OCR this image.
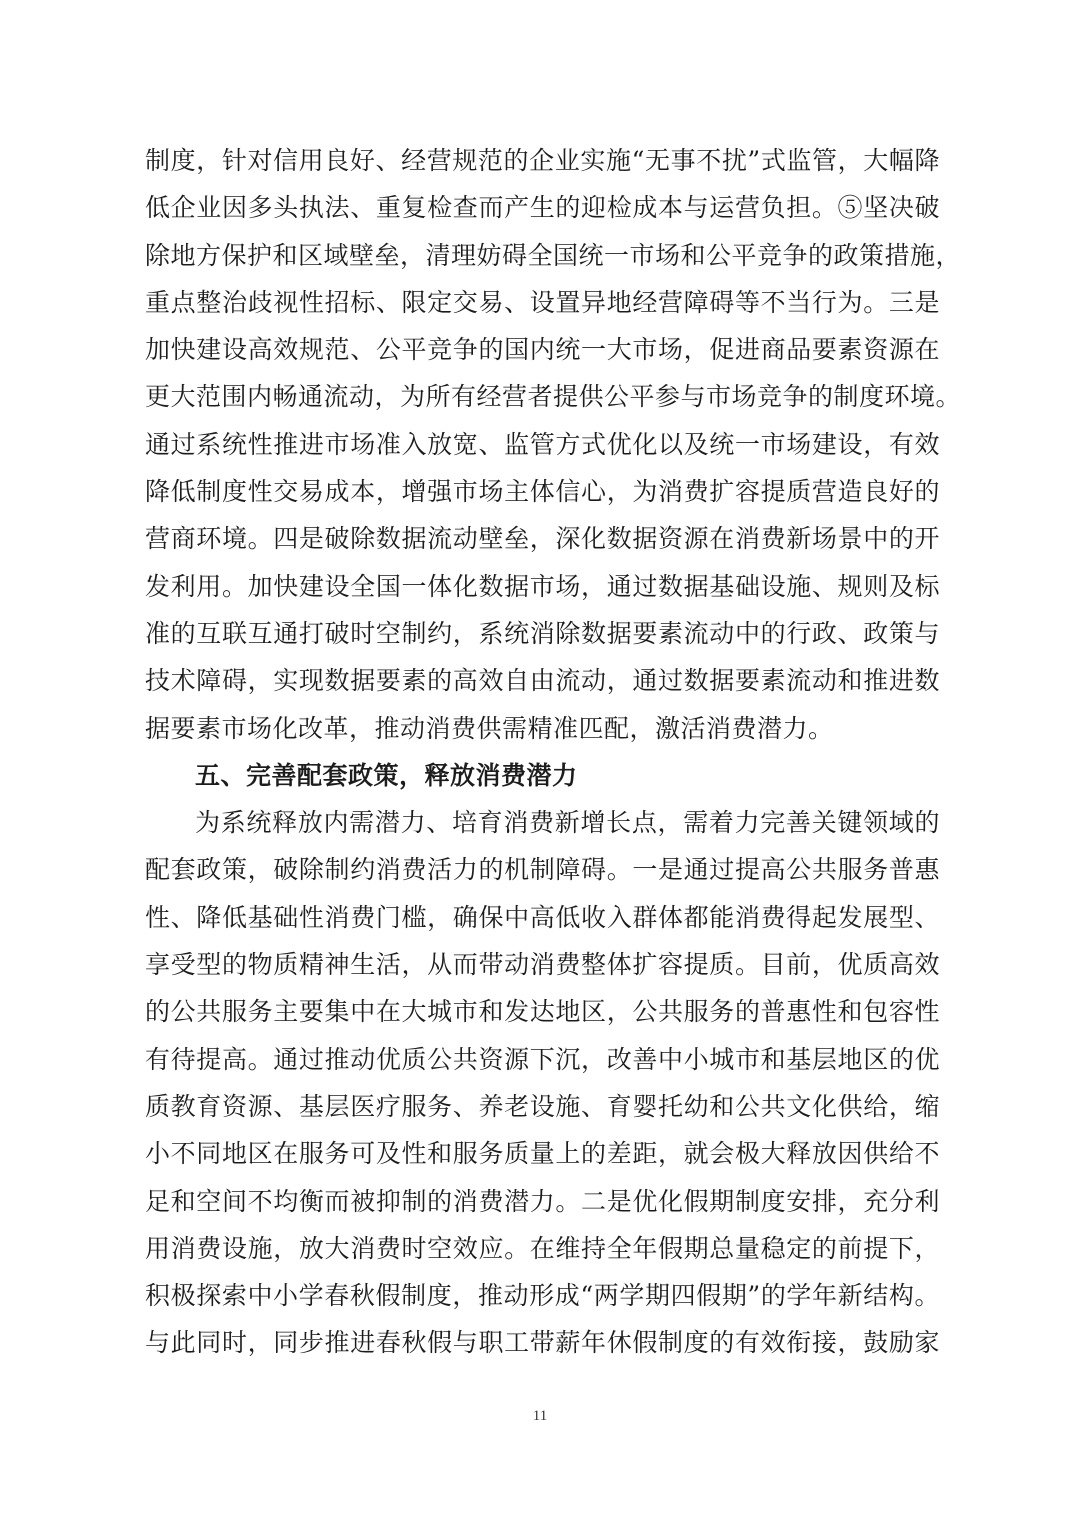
制度，针对信用良好、经营规范的企业实施“无事不扰”式监管，大幅降
低企业因多头执法、重复检查而产生的迎检成本与运营负担。⑤坚决破
除地方保护和区域壁垒，清理妨碍全国统一市场和公平竞争的政策措施，
重点整治歧视性招标、限定交易、设置异地经营障碍等不当行为。三是
加快建设高效规范、公平竞争的国内统一大市场，促进商品要素资源在
更大范围内畅通流动，为所有经营者提供公平参与市场竞争的制度环境。
通过系统性推进市场准入放宽、监管方式优化以及统一市场建设，有效
降低制度性交易成本，增强市场主体信心，为消费扩容提质营造良好的
营商环境。四是破除数据流动壁垒，深化数据资源在消费新场景中的开
发利用。加快建设全国一体化数据市场，通过数据基础设施、规则及标
准的互联互通打破时空制约，系统消除数据要素流动中的行政、政策与
技术障碍，实现数据要素的高效自由流动，通过数据要素流动和推进数
据要素市场化改革，推动消费供需精准匹配，激活消费潜力。
五、完善配套政策，释放消费潜力
为系统释放内需潜力、培育消费新增长点，需着力完善关键领域的
配套政策，破除制约消费活力的机制障碍。一是通过提高公共服务普惠
性、降低基础性消费门槛，确保中高低收入群体都能消费得起发展型、
享受型的物质精神生活，从而带动消费整体扩容提质。目前，优质高效
的公共服务主要集中在大城市和发达地区，公共服务的普惠性和包容性
有待提高。通过推动优质公共资源下沉，改善中小城市和基层地区的优
质教育资源、基层医疗服务、养老设施、育婴托幼和公共文化供给，缩
小不同地区在服务可及性和服务质量上的差距，就会极大释放因供给不
足和空间不均衡而被抑制的消费潜力。二是优化假期制度安排，充分利
用消费设施，放大消费时空效应。在维持全年假期总量稳定的前提下，
积极探索中小学春秋假制度，推动形成“两学期四假期”的学年新结构。
与此同时，同步推进春秋假与职工带薪年休假制度的有效衔接，鼓励家
11
